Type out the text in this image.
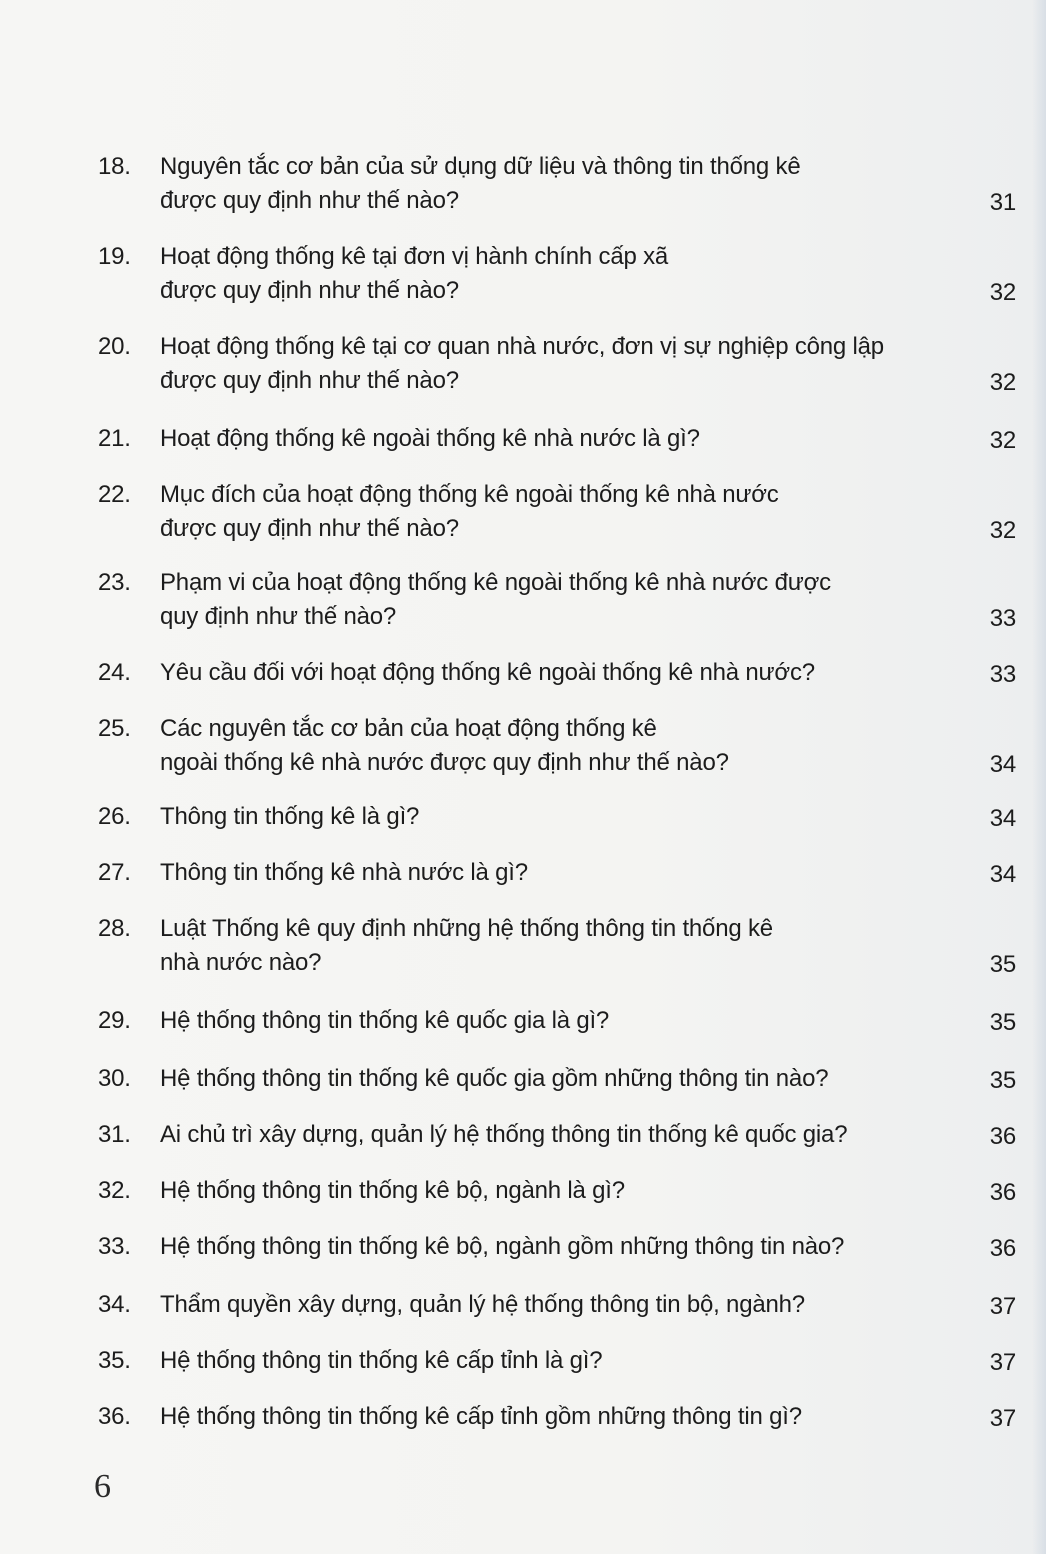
18.	Nguyên tắc cơ bản của sử dụng dữ liệu và thông tin thống kê
được quy định như thế nào?	31
19.	Hoạt động thống kê tại đơn vị hành chính cấp xã
được quy định như thế nào?	32
20.	Hoạt động thống kê tại cơ quan nhà nước, đơn vị sự nghiệp công lập
được quy định như thế nào?	32
21.	Hoạt động thống kê ngoài thống kê nhà nước là gì?	32
22.	Mục đích của hoạt động thống kê ngoài thống kê nhà nước
được quy định như thế nào?	32
23.	Phạm vi của hoạt động thống kê ngoài thống kê nhà nước được
quy định như thế nào?	33
24.	Yêu cầu đối với hoạt động thống kê ngoài thống kê nhà nước?	33
25.	Các nguyên tắc cơ bản của hoạt động thống kê
ngoài thống kê nhà nước được quy định như thế nào?	34
26.	Thông tin thống kê là gì?	34
27.	Thông tin thống kê nhà nước là gì?	34
28.	Luật Thống kê quy định những hệ thống thông tin thống kê
nhà nước nào?	35
29.	Hệ thống thông tin thống kê quốc gia là gì?	35
30.	Hệ thống thông tin thống kê quốc gia gồm những thông tin nào?	35
31.	Ai chủ trì xây dựng, quản lý hệ thống thông tin thống kê quốc gia?	36
32.	Hệ thống thông tin thống kê bộ, ngành là gì?	36
33.	Hệ thống thông tin thống kê bộ, ngành gồm những thông tin nào?	36
34.	Thẩm quyền xây dựng, quản lý hệ thống thông tin bộ, ngành?	37
35.	Hệ thống thông tin thống kê cấp tỉnh là gì?	37
36.	Hệ thống thông tin thống kê cấp tỉnh gồm những thông tin gì?	37
6
